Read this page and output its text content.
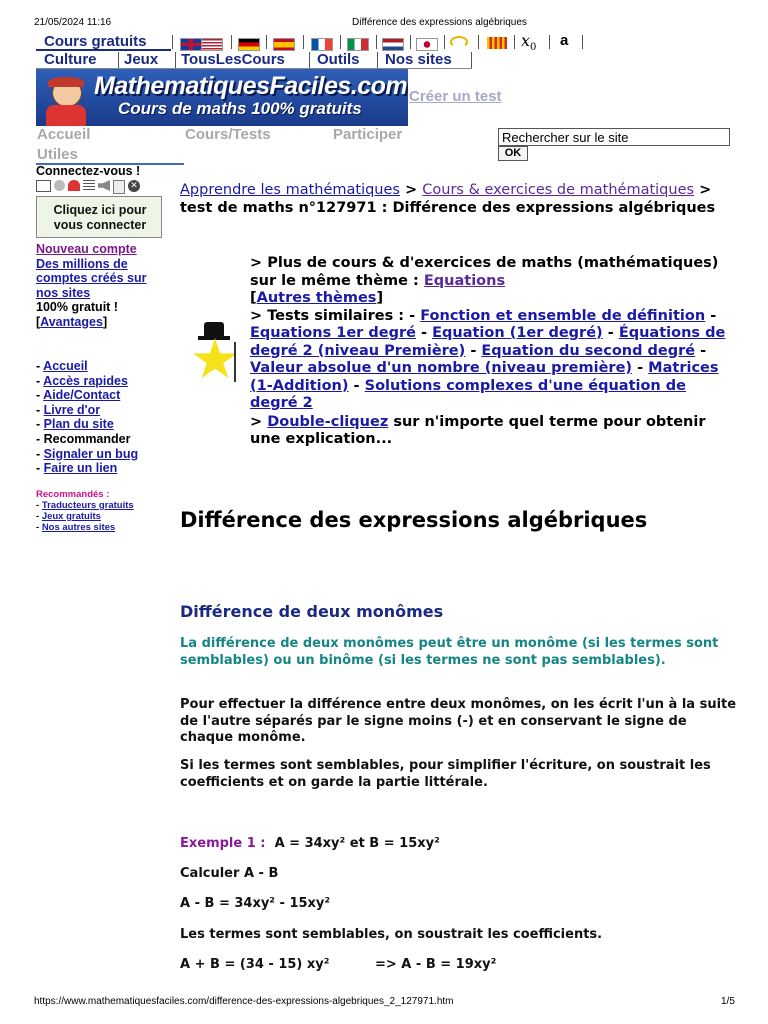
21/05/2024 11:16	Différence des expressions algébriques
Cours gratuits	$x_0$ a
Culture Jeux TousLesCours Outils Nos sites
MathematiquesFaciles.com
Cours de maths 100% gratuits
Créer un test
Accueil	Cours/Tests	Participer
Utiles
Rechercher sur le site	OK
Connectez-vous !
✕
Cliquez ici pour vous connecter
Nouveau compte
Des millions de comptes créés sur nos sites
100% gratuit !
[Avantages]
- Accueil
- Accès rapides
- Aide/Contact
- Livre d'or
- Plan du site
- Recommander
- Signaler un bug
- Faire un lien
Recommandés :
- Traducteurs gratuits
- Jeux gratuits
- Nos autres sites
Apprendre les mathématiques > Cours & exercices de mathématiques > test de maths n°127971 : Différence des expressions algébriques
> Plus de cours & d'exercices de maths (mathématiques) sur le même thème : Equations
[Autres thèmes]
> Tests similaires : - Fonction et ensemble de définition - Equations 1er degré - Equation (1er degré) - Équations de degré 2 (niveau Première) - Equation du second degré - Valeur absolue d'un nombre (niveau première) - Matrices (1-Addition) - Solutions complexes d'une équation de degré 2
> Double-cliquez sur n'importe quel terme pour obtenir une explication...
Différence des expressions algébriques
Différence de deux monômes
La différence de deux monômes peut être un monôme (si les termes sont semblables) ou un binôme (si les termes ne sont pas semblables).
Pour effectuer la différence entre deux monômes, on les écrit l'un à la suite de l'autre séparés par le signe moins (-) et en conservant le signe de chaque monôme.
Si les termes sont semblables, pour simplifier l'écriture, on soustrait les coefficients et on garde la partie littérale.
Exemple 1 : A = 34xy² et B = 15xy²
Calculer A - B
A - B = 34xy² - 15xy²
Les termes sont semblables, on soustrait les coefficients.
A + B = (34 - 15) xy²	=> A - B = 19xy²
https://www.mathematiquesfaciles.com/difference-des-expressions-algebriques_2_127971.htm	1/5
